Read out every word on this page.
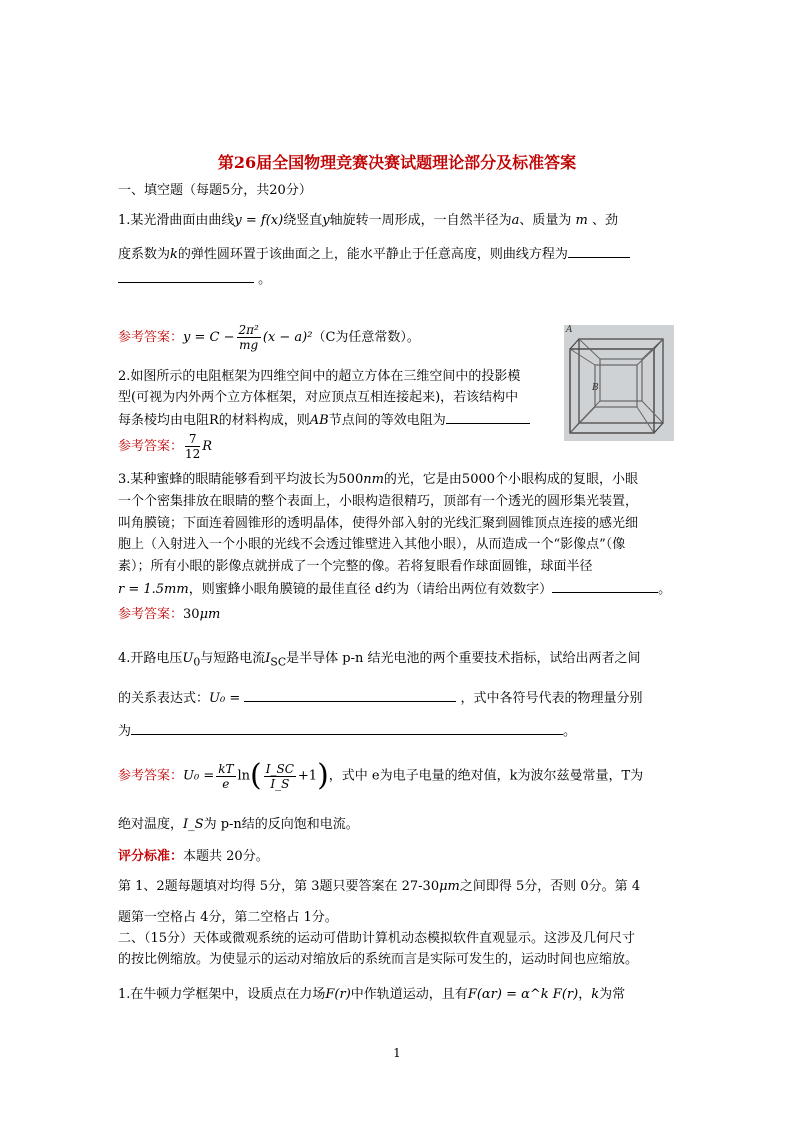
第26届全国物理竞赛决赛试题理论部分及标准答案
一、填空题（每题5分，共20分）
1.某光滑曲面由曲线y = f(x)绕竖直y轴旋转一周形成，一自然半径为a、质量为 m 、劲
度系数为k的弹性圆环置于该曲面之上，能水平静止于任意高度，则曲线方程为
。
参考答案：$y = C - \frac{\text{2π²}}{mg} (x - a)^2(C$为任意常数）。	A
B
2.如图所示的电阻框架为四维空间中的超立方体在三维空间中的投影模
型(可视为内外两个立方体框架，对应顶点互相连接起来)，若该结构中
每条棱均由电阻R的材料构成，则AB节点间的等效电阻为
参考答案： $\frac{7}{12}$ R
3.某种蜜蜂的眼睛能够看到平均波长为500nm的光，它是由5000个小眼构成的复眼，小眼
一个个密集排放在眼睛的整个表面上，小眼构造很精巧，顶部有一个透光的圆形集光装置，
叫角膜镜；下面连着圆锥形的透明晶体，使得外部入射的光线汇聚到圆锥顶点连接的感光细
胞上（入射进入一个小眼的光线不会透过锥壁进入其他小眼），从而造成一个“影像点”（像
素）；所有小眼的影像点就拼成了一个完整的像。若将复眼看作球面圆锥，球面半径
r = 1.5mm，则蜜蜂小眼角膜镜的最佳直径 d约为（请给出两位有效数字）	。
参考答案：30μm
4.开路电压$U_0$与短路电流$I_{SC}$是半导体 p-n 结光电池的两个重要技术指标，试给出两者之间
的关系表达式：U₀ =	，式中各符号代表的物理量分别
为	。
参考答案：$U_0 = \frac{kT}{e} \ln( \frac{I\_SC}{I\_S} +1)$，式中 e为电子电量的绝对值，k为波尔兹曼常量，T为
绝对温度，I_S为 p-n结的反向饱和电流。
评分标准：本题共 20分。
第 1、2题每题填对均得 5分，第 3题只要答案在 27-30μm之间即得 5分，否则 0分。第 4
题第一空格占 4分，第二空格占 1分。
二、（15分）天体或微观系统的运动可借助计算机动态模拟软件直观显示。这涉及几何尺寸
的按比例缩放。为使显示的运动对缩放后的系统而言是实际可发生的，运动时间也应缩放。
1.在牛顿力学框架中，设质点在力场F(r)中作轨道运动，且有F(αr) = α^k F(r)，k为常
1
